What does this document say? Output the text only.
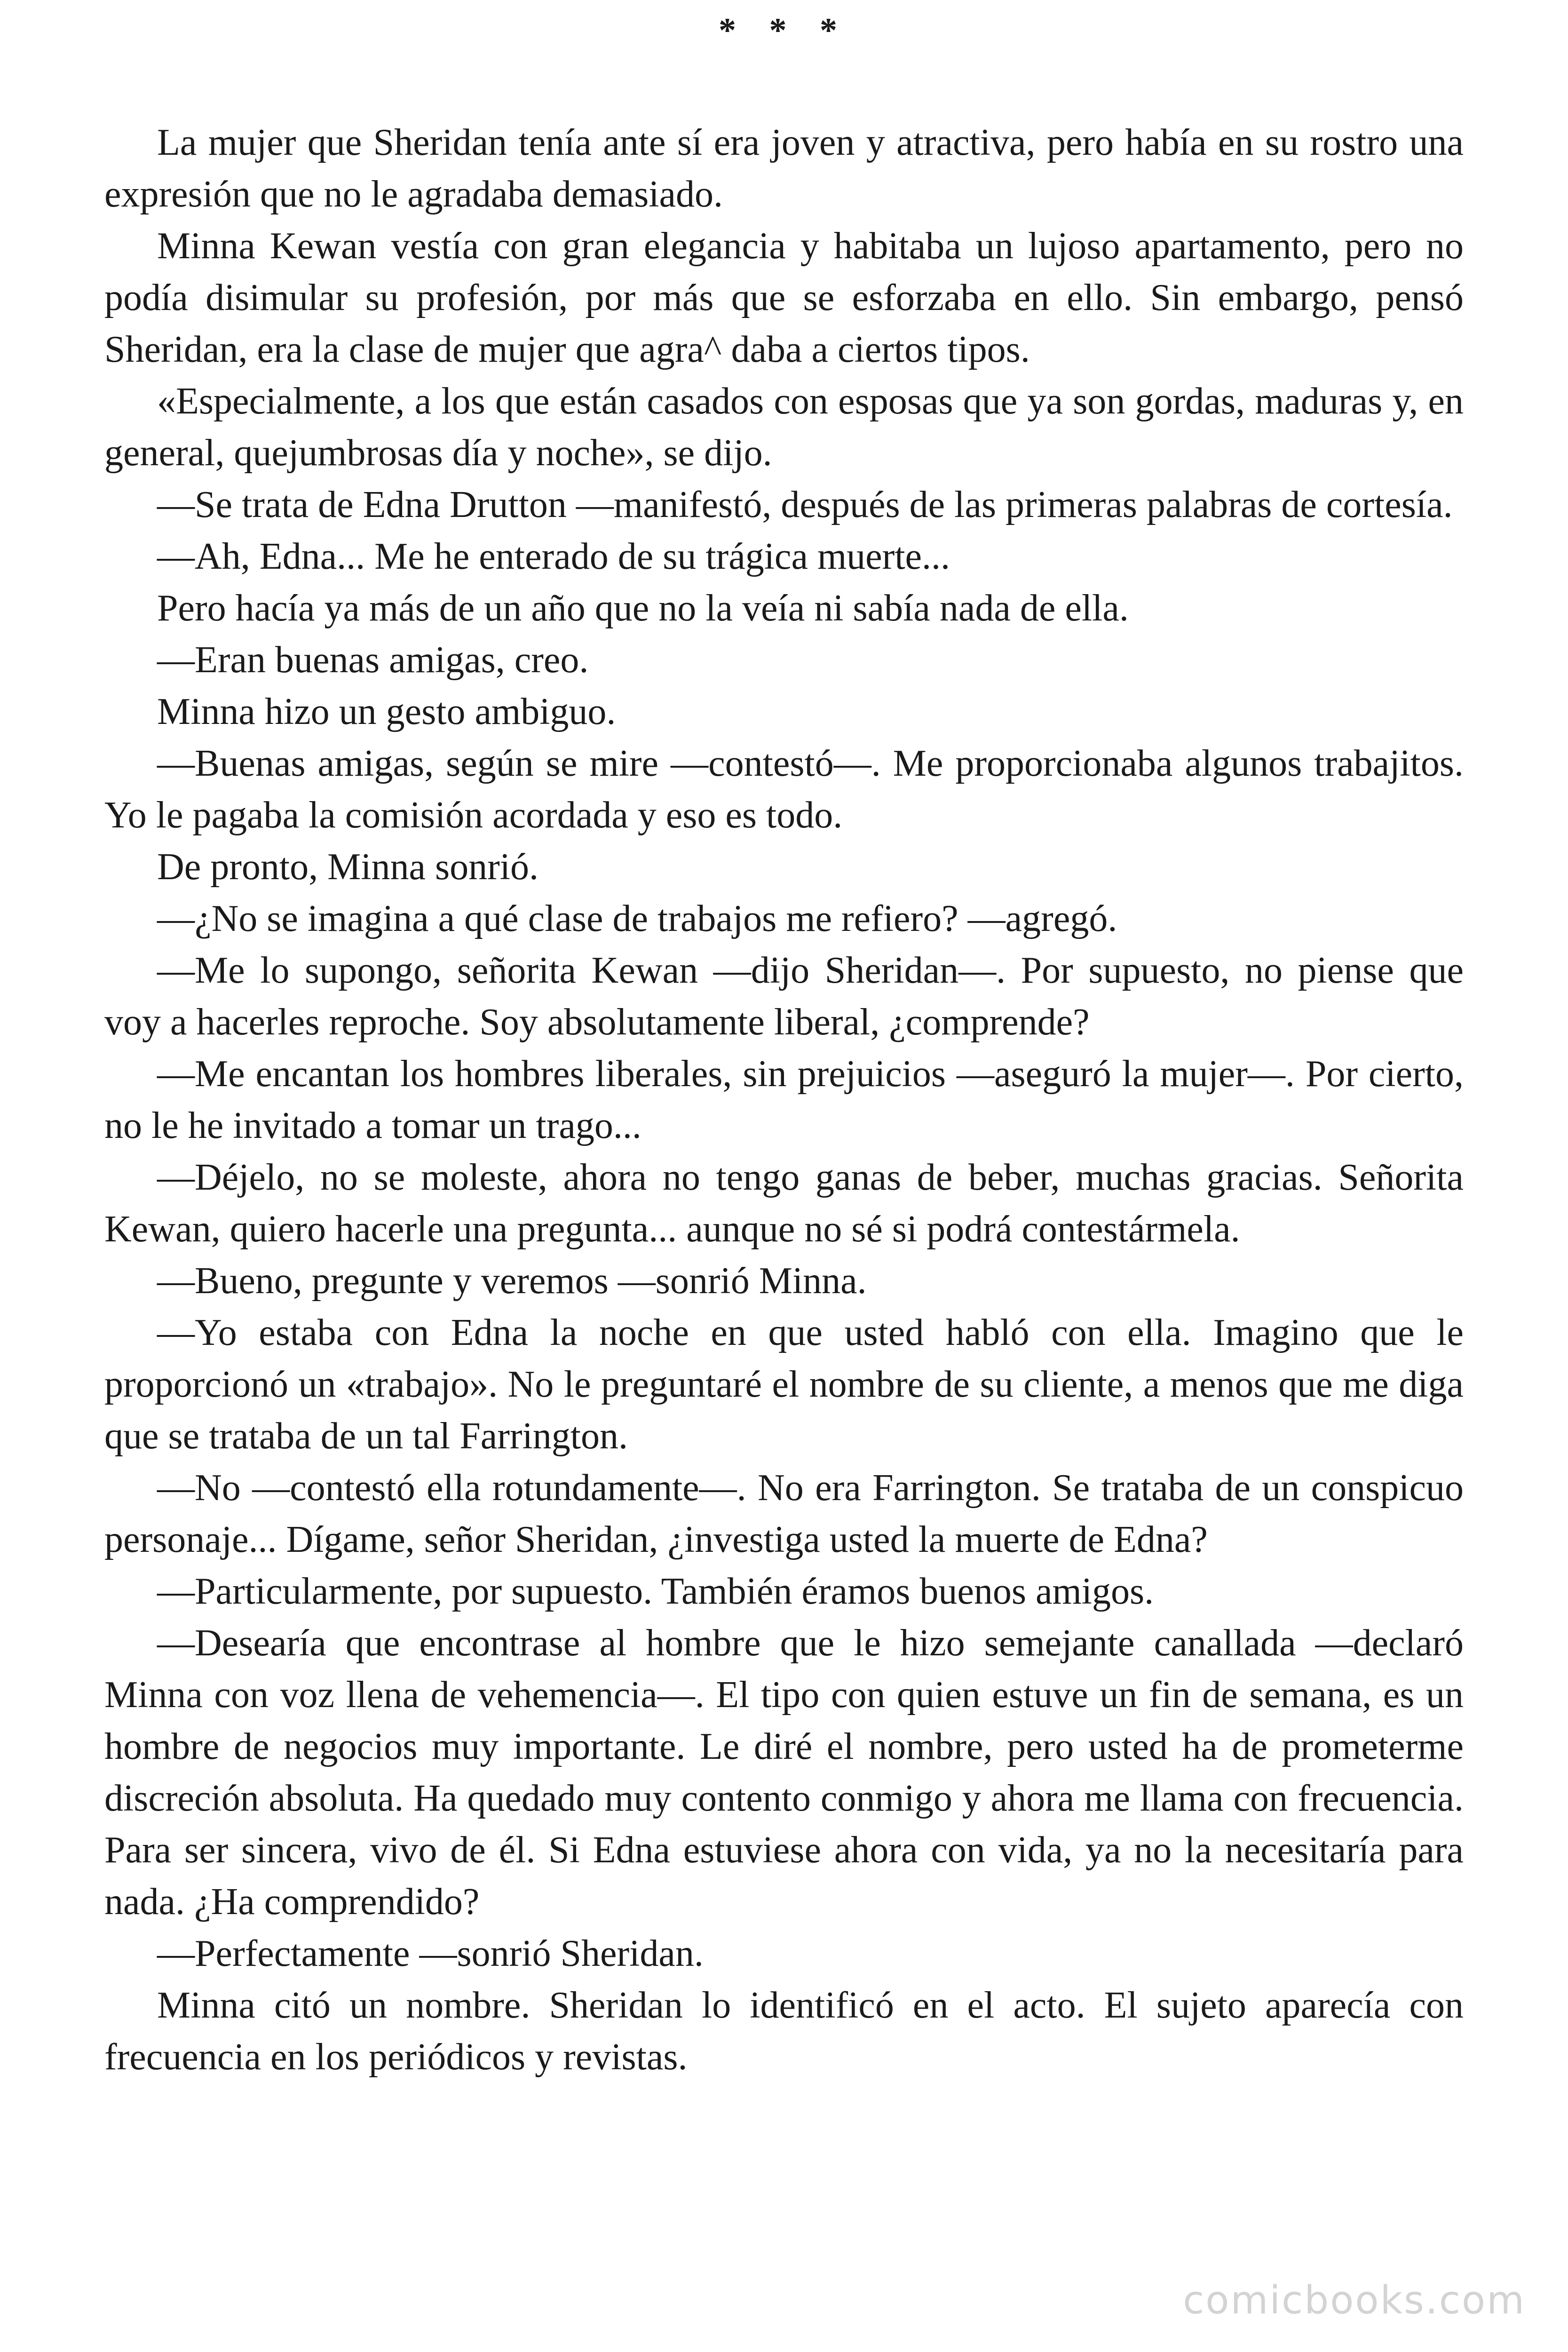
* * *

La mujer que Sheridan tenía ante sí era joven y atractiva, pero había en su rostro una expresión que no le agradaba demasiado.

Minna Kewan vestía con gran elegancia y habitaba un lujoso apartamento, pero no podía disimular su profesión, por más que se esforzaba en ello. Sin embargo, pensó Sheridan, era la clase de mujer que agra^ daba a ciertos tipos.

«Especialmente, a los que están casados con esposas que ya son gordas, maduras y, en general, quejumbrosas día y noche», se dijo.

—Se trata de Edna Drutton —manifestó, después de las primeras palabras de cortesía.

—Ah, Edna... Me he enterado de su trágica muerte...

Pero hacía ya más de un año que no la veía ni sabía nada de ella.

—Eran buenas amigas, creo.

Minna hizo un gesto ambiguo.

—Buenas amigas, según se mire —contestó—. Me proporcionaba algunos trabajitos. Yo le pagaba la comisión acordada y eso es todo.

De pronto, Minna sonrió.

—¿No se imagina a qué clase de trabajos me refiero? —agregó.

—Me lo supongo, señorita Kewan —dijo Sheridan—. Por supuesto, no piense que voy a hacerles reproche. Soy absolutamente liberal, ¿comprende?

—Me encantan los hombres liberales, sin prejuicios —aseguró la mujer—. Por cierto, no le he invitado a tomar un trago...

—Déjelo, no se moleste, ahora no tengo ganas de beber, muchas gracias. Señorita Kewan, quiero hacerle una pregunta... aunque no sé si podrá contestármela.

—Bueno, pregunte y veremos —sonrió Minna.

—Yo estaba con Edna la noche en que usted habló con ella. Imagino que le proporcionó un «trabajo». No le preguntaré el nombre de su cliente, a menos que me diga que se trataba de un tal Farrington.

—No —contestó ella rotundamente—. No era Farrington. Se trataba de un conspicuo personaje... Dígame, señor Sheridan, ¿investiga usted la muerte de Edna?

—Particularmente, por supuesto. También éramos buenos amigos.

—Desearía que encontrase al hombre que le hizo semejante canallada —declaró Minna con voz llena de vehemencia—. El tipo con quien estuve un fin de semana, es un hombre de negocios muy importante. Le diré el nombre, pero usted ha de prometerme discreción absoluta. Ha quedado muy contento conmigo y ahora me llama con frecuencia. Para ser sincera, vivo de él. Si Edna estuviese ahora con vida, ya no la necesitaría para nada. ¿Ha comprendido?

—Perfectamente —sonrió Sheridan.

Minna citó un nombre. Sheridan lo identificó en el acto. El sujeto aparecía con frecuencia en los periódicos y revistas.

comicbooks.com
